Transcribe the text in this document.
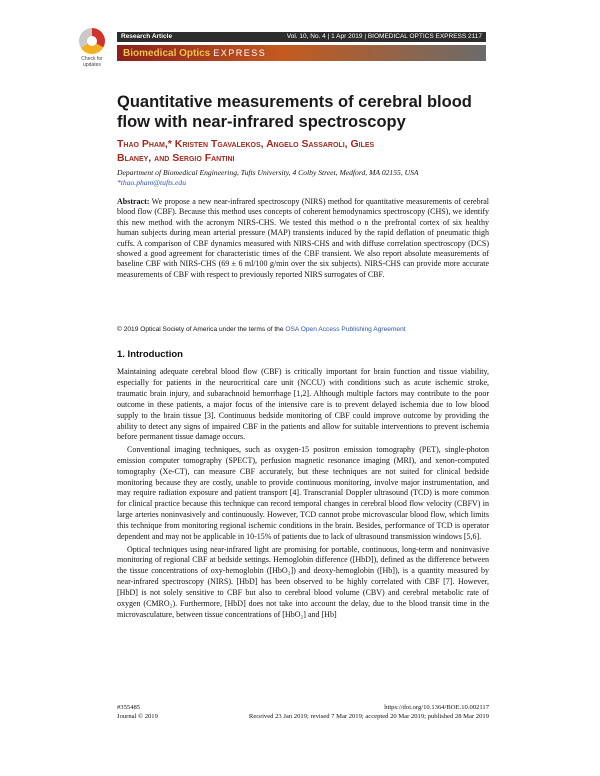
Check for
updates
Research Article	Vol. 10, No. 4 | 1 Apr 2019 | BIOMEDICAL OPTICS EXPRESS 2117
Biomedical Optics EXPRESS
Quantitative measurements of cerebral blood flow with near-infrared spectroscopy
Thao Pham,* Kristen Tgavalekos, Angelo Sassaroli, Giles
Blaney, and Sergio Fantini
Department of Biomedical Engineering, Tufts University, 4 Colby Street, Medford, MA 02155, USA
*thao.pham@tufts.edu
Abstract: We propose a new near-infrared spectroscopy (NIRS) method for quantitative measurements of cerebral blood flow (CBF). Because this method uses concepts of coherent hemodynamics spectroscopy (CHS), we identify this new method with the acronym NIRS-CHS. We tested this method o n the prefrontal cortex of six healthy human subjects during mean arterial pressure (MAP) transients induced by the rapid deflation of pneumatic thigh cuffs. A comparison of CBF dynamics measured with NIRS-CHS and with diffuse correlation spectroscopy (DCS) showed a good agreement for characteristic times of the CBF transient. We also report absolute measurements of baseline CBF with NIRS-CHS (69 ± 6 ml/100 g/min over the six subjects). NIRS-CHS can provide more accurate measurements of CBF with respect to previously reported NIRS surrogates of CBF.
© 2019 Optical Society of America under the terms of the OSA Open Access Publishing Agreement
1. Introduction

Maintaining adequate cerebral blood flow (CBF) is critically important for brain function and tissue viability, especially for patients in the neurocritical care unit (NCCU) with conditions such as acute ischemic stroke, traumatic brain injury, and subarachnoid hemorrhage [1,2]. Although multiple factors may contribute to the poor outcome in these patients, a major focus of the intensive care is to prevent delayed ischemia due to low blood supply to the brain tissue [3]. Continuous bedside monitoring of CBF could improve outcome by providing the ability to detect any signs of impaired CBF in the patients and allow for suitable interventions to prevent ischemia before permanent tissue damage occurs.

Conventional imaging techniques, such as oxygen-15 positron emission tomography (PET), single-photon emission computer tomography (SPECT), perfusion magnetic resonance imaging (MRI), and xenon-computed tomography (Xe-CT), can measure CBF accurately, but these techniques are not suited for clinical bedside monitoring because they are costly, unable to provide continuous monitoring, involve major instrumentation, and may require radiation exposure and patient transport [4]. Transcranial Doppler ultrasound (TCD) is more common for clinical practice because this technique can record temporal changes in cerebral blood flow velocity (CBFV) in large arteries noninvasively and continuously. However, TCD cannot probe microvascular blood flow, which limits this technique from monitoring regional ischemic conditions in the brain. Besides, performance of TCD is operator dependent and may not be applicable in 10-15% of patients due to lack of ultrasound transmission windows [5,6].

Optical techniques using near-infrared light are promising for portable, continuous, long-term and noninvasive monitoring of regional CBF at bedside settings. Hemoglobin difference ([HbD]), defined as the difference between the tissue concentrations of oxy-hemoglobin ([HbO₂]) and deoxy-hemoglobin ([Hb]), is a quantity measured by near-infrared spectroscopy (NIRS). [HbD] has been observed to be highly correlated with CBF [7]. However, [HbD] is not solely sensitive to CBF but also to cerebral blood volume (CBV) and cerebral metabolic rate of oxygen (CMRO₂). Furthermore, [HbD] does not take into account the delay, due to the blood transit time in the microvasculature, between tissue concentrations of [HbO₂] and [Hb]

#355485	https://doi.org/10.1364/BOE.10.002117
Journal © 2019	Received 23 Jan 2019; revised 7 Mar 2019; accepted 20 Mar 2019; published 28 Mar 2019
